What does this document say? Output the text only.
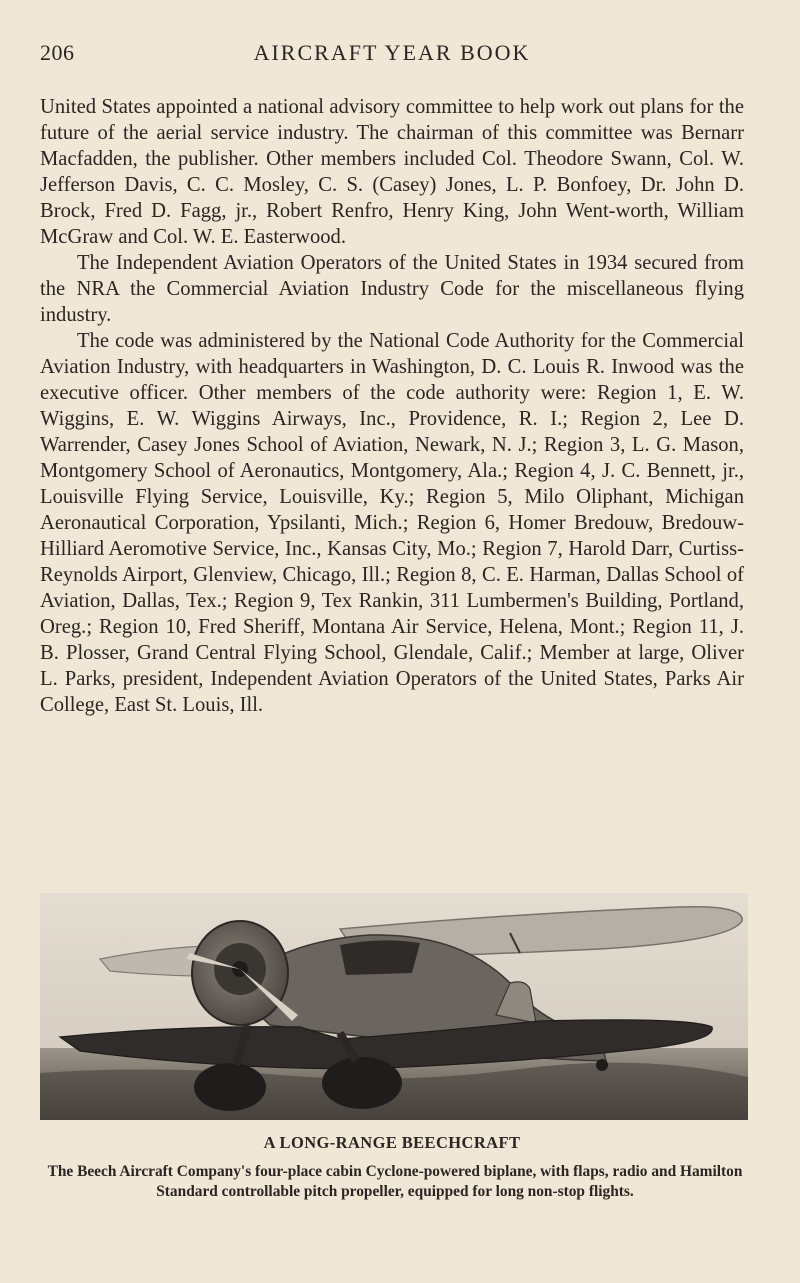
206	AIRCRAFT YEAR BOOK

United States appointed a national advisory committee to help work out plans for the future of the aerial service industry. The chairman of this committee was Bernarr Macfadden, the publisher. Other members included Col. Theodore Swann, Col. W. Jefferson Davis, C. C. Mosley, C. S. (Casey) Jones, L. P. Bonfoey, Dr. John D. Brock, Fred D. Fagg, jr., Robert Renfro, Henry King, John Went-worth, William McGraw and Col. W. E. Easterwood.

The Independent Aviation Operators of the United States in 1934 secured from the NRA the Commercial Aviation Industry Code for the miscellaneous flying industry.

The code was administered by the National Code Authority for the Commercial Aviation Industry, with headquarters in Washington, D. C. Louis R. Inwood was the executive officer. Other members of the code authority were: Region 1, E. W. Wiggins, E. W. Wiggins Airways, Inc., Providence, R. I.; Region 2, Lee D. Warrender, Casey Jones School of Aviation, Newark, N. J.; Region 3, L. G. Mason, Montgomery School of Aeronautics, Montgomery, Ala.; Region 4, J. C. Bennett, jr., Louisville Flying Service, Louisville, Ky.; Region 5, Milo Oliphant, Michigan Aeronautical Corporation, Ypsilanti, Mich.; Region 6, Homer Bredouw, Bredouw-Hilliard Aeromotive Service, Inc., Kansas City, Mo.; Region 7, Harold Darr, Curtiss-Reynolds Airport, Glenview, Chicago, Ill.; Region 8, C. E. Harman, Dallas School of Aviation, Dallas, Tex.; Region 9, Tex Rankin, 311 Lumbermen's Building, Portland, Oreg.; Region 10, Fred Sheriff, Montana Air Service, Helena, Mont.; Region 11, J. B. Plosser, Grand Central Flying School, Glendale, Calif.; Member at large, Oliver L. Parks, president, Independent Aviation Operators of the United States, Parks Air College, East St. Louis, Ill.

A LONG-RANGE BEECHCRAFT
The Beech Aircraft Company's four-place cabin Cyclone-powered biplane, with flaps, radio and Hamilton Standard controllable pitch propeller, equipped for long non-stop flights.
